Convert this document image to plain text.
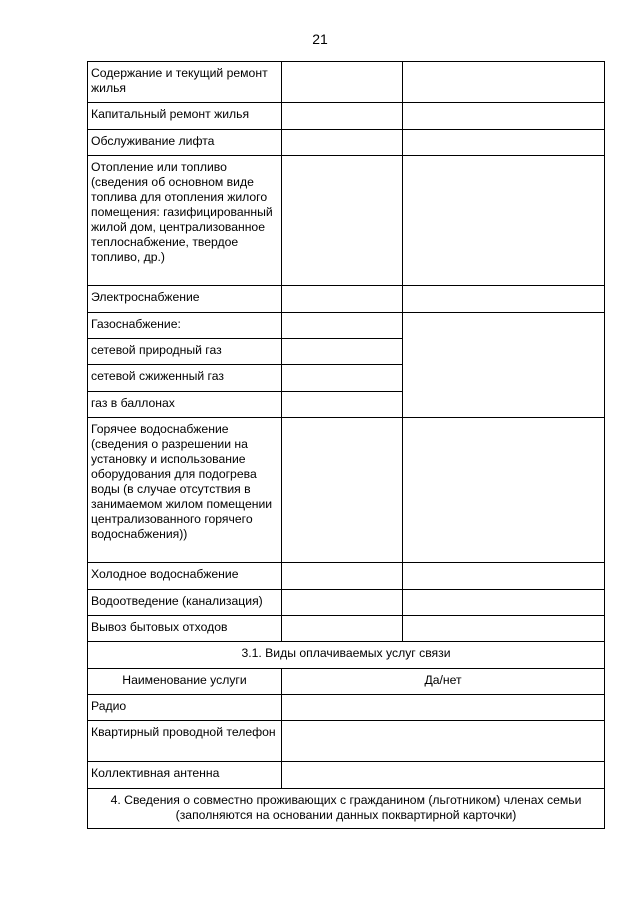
21
Содержание и текущий ремонт жилья		

Капитальный ремонт жилья		

Обслуживание лифта		

Отопление или топливо (сведения об основном виде топлива для отопления жилого помещения: газифицированный жилой дом, централизованное теплоснабжение, твердое топливо, др.)		

Электроснабжение		

Газоснабжение:		

сетевой природный газ		

сетевой сжиженный газ		

газ в баллонах		

Горячее водоснабжение (сведения о разрешении на установку и использование оборудования для подогрева воды (в случае отсутствия в занимаемом жилом помещении централизованного горячего водоснабжения))		

Холодное водоснабжение		

Водоотведение (канализация)		

Вывоз бытовых отходов		

3.1. Виды оплачиваемых услуг связи		
Наименование услуги	Да/нет	

Радио		

Квартирный проводной телефон		

Коллективная антенна		

4. Сведения о совместно проживающих с гражданином (льготником) членах семьи (заполняются на основании данных поквартирной карточки)		
